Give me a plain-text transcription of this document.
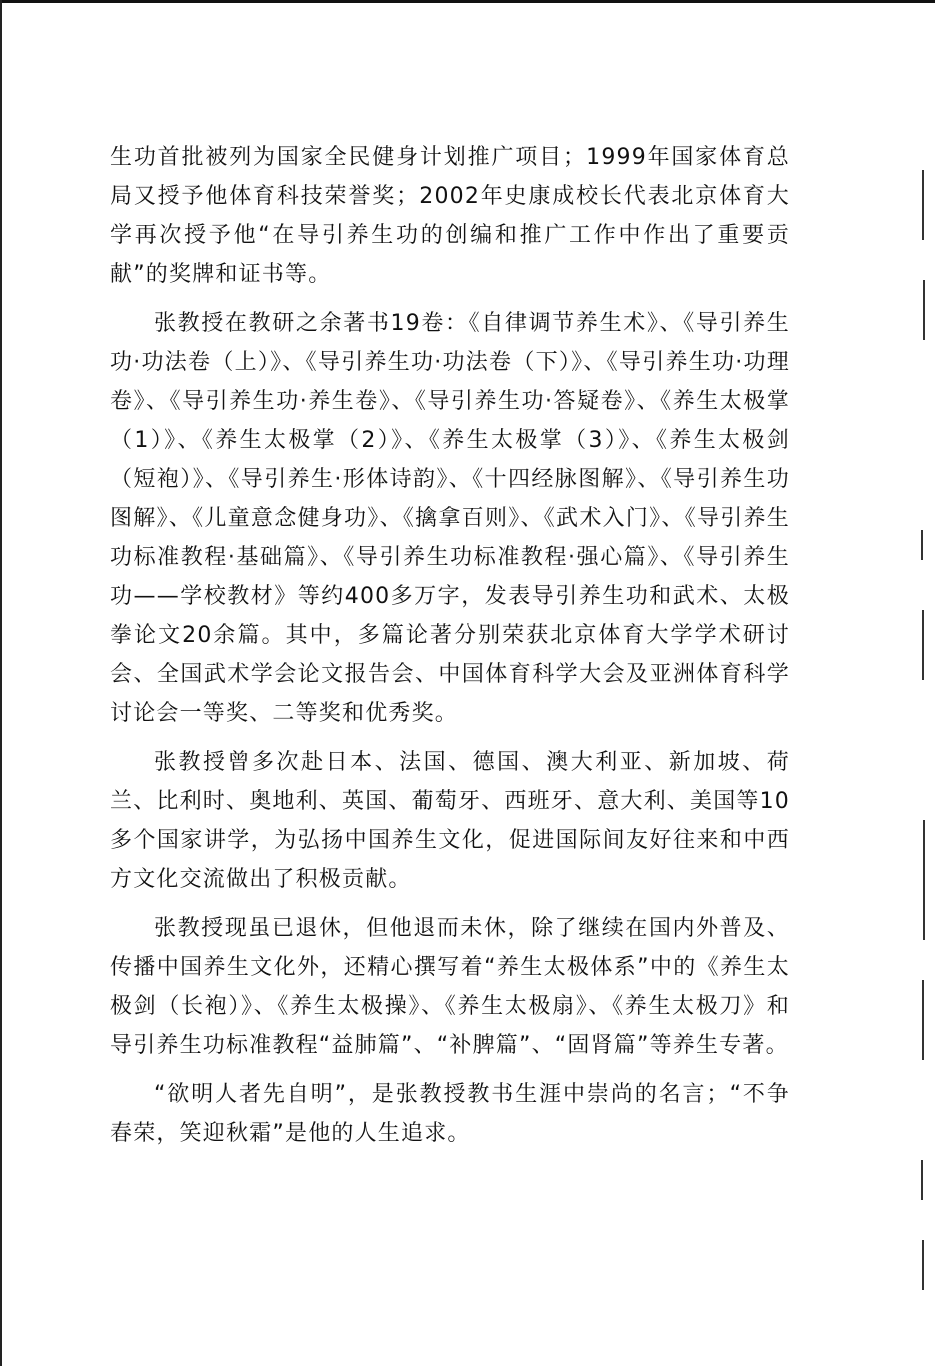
生功首批被列为国家全民健身计划推广项目；1999年国家体育总局又授予他体育科技荣誉奖；2002年史康成校长代表北京体育大学再次授予他“在导引养生功的创编和推广工作中作出了重要贡献”的奖牌和证书等。

张教授在教研之余著书19卷：《自律调节养生术》、《导引养生功·功法卷（上）》、《导引养生功·功法卷（下）》、《导引养生功·功理卷》、《导引养生功·养生卷》、《导引养生功·答疑卷》、《养生太极掌（1）》、《养生太极掌（2）》、《养生太极掌（3）》、《养生太极剑（短袍）》、《导引养生·形体诗韵》、《十四经脉图解》、《导引养生功图解》、《儿童意念健身功》、《擒拿百则》、《武术入门》、《导引养生功标准教程·基础篇》、《导引养生功标准教程·强心篇》、《导引养生功——学校教材》等约400多万字，发表导引养生功和武术、太极拳论文20余篇。其中，多篇论著分别荣获北京体育大学学术研讨会、全国武术学会论文报告会、中国体育科学大会及亚洲体育科学讨论会一等奖、二等奖和优秀奖。

张教授曾多次赴日本、法国、德国、澳大利亚、新加坡、荷兰、比利时、奥地利、英国、葡萄牙、西班牙、意大利、美国等10多个国家讲学，为弘扬中国养生文化，促进国际间友好往来和中西方文化交流做出了积极贡献。

张教授现虽已退休，但他退而未休，除了继续在国内外普及、传播中国养生文化外，还精心撰写着“养生太极体系”中的《养生太极剑（长袍）》、《养生太极操》、《养生太极扇》、《养生太极刀》和导引养生功标准教程“益肺篇”、“补脾篇”、“固肾篇”等养生专著。

“欲明人者先自明”，是张教授教书生涯中崇尚的名言；“不争春荣，笑迎秋霜”是他的人生追求。
